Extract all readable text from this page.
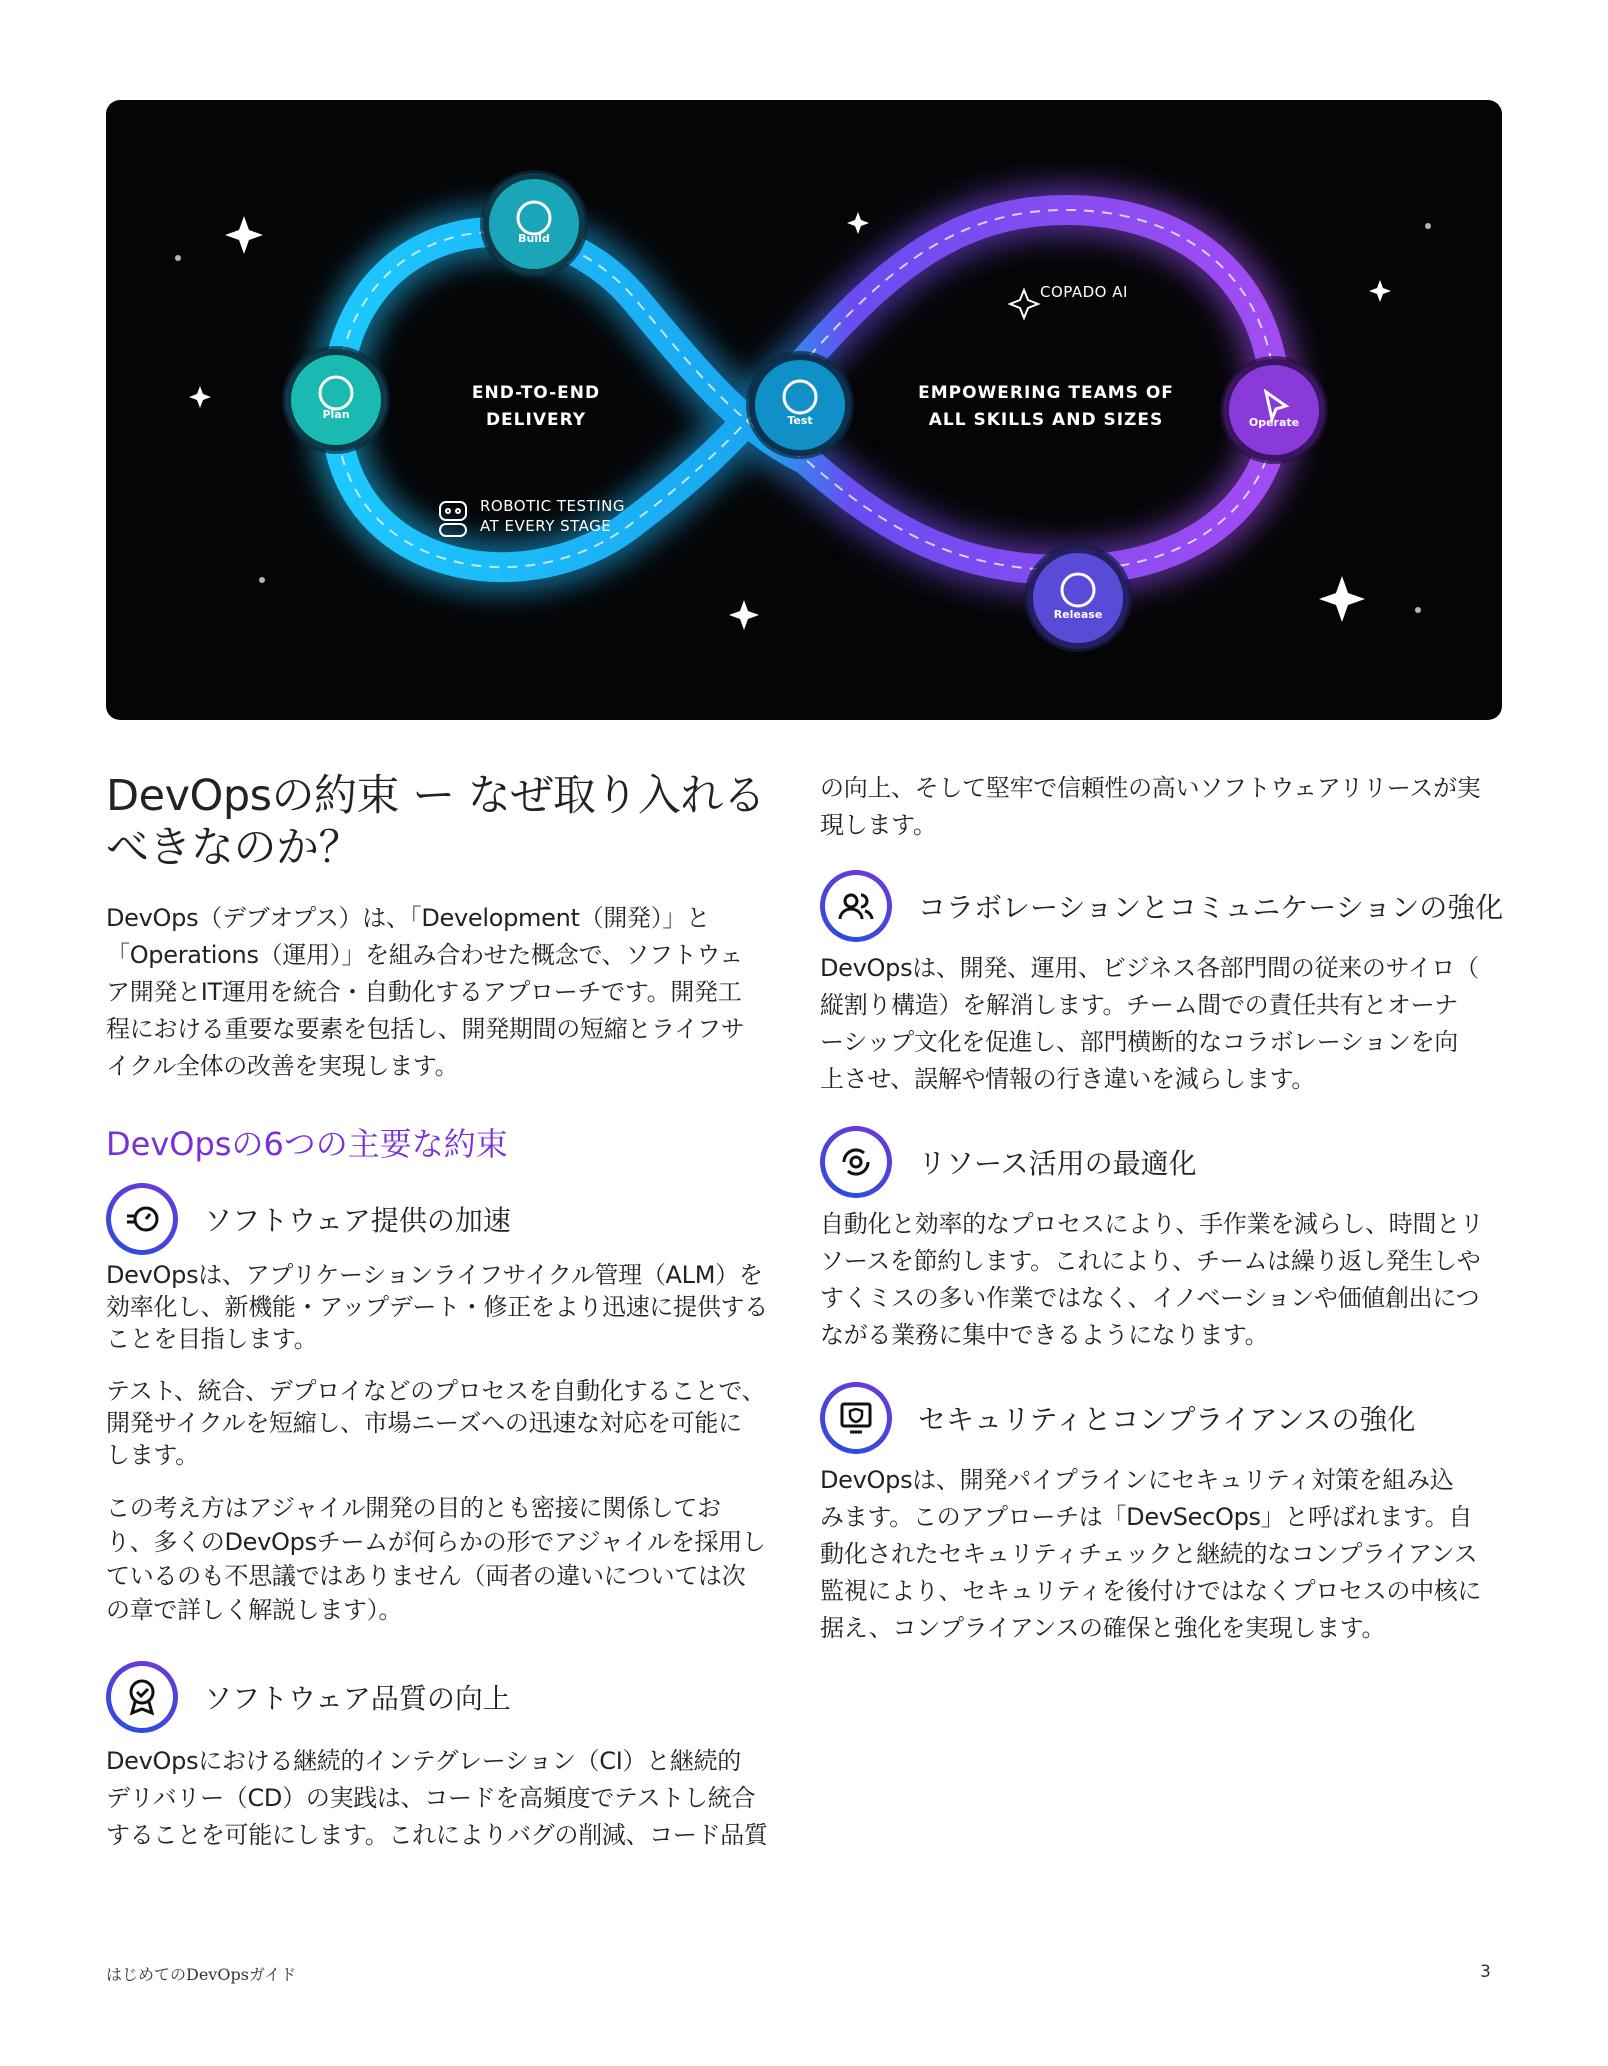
Build
Plan	Test	Operate
Release
END-TO-END
DELIVERY
EMPOWERING TEAMS OF
ALL SKILLS AND SIZES
COPADO AI
ROBOTIC TESTING
AT EVERY STAGE
DevOpsの約束 ー なぜ取り入れる
べきなのか？

DevOps（デブオプス）は、「Development（開発）」と
「Operations（運用）」を組み合わせた概念で、ソフトウェ
ア開発とIT運用を統合・自動化するアプローチです。開発工
程における重要な要素を包括し、開発期間の短縮とライフサ
イクル全体の改善を実現します。

DevOpsの6つの主要な約束
ソフトウェア提供の加速

DevOpsは、アプリケーションライフサイクル管理（ALM）を
効率化し、新機能・アップデート・修正をより迅速に提供する
ことを目指します。

テスト、統合、デプロイなどのプロセスを自動化することで、
開発サイクルを短縮し、市場ニーズへの迅速な対応を可能に
します。

この考え方はアジャイル開発の目的とも密接に関係してお
り、多くのDevOpsチームが何らかの形でアジャイルを採用し
ているのも不思議ではありません（両者の違いについては次
の章で詳しく解説します）。

ソフトウェア品質の向上

DevOpsにおける継続的インテグレーション（CI）と継続的
デリバリー（CD）の実践は、コードを高頻度でテストし統合
することを可能にします。これによりバグの削減、コード品質

の向上、そして堅牢で信頼性の高いソフトウェアリリースが実
現します。

コラボレーションとコミュニケーションの強化

DevOpsは、開発、運用、ビジネス各部門間の従来のサイロ（
縦割り構造）を解消します。チーム間での責任共有とオーナ
ーシップ文化を促進し、部門横断的なコラボレーションを向
上させ、誤解や情報の行き違いを減らします。

リソース活用の最適化

自動化と効率的なプロセスにより、手作業を減らし、時間とリ
ソースを節約します。これにより、チームは繰り返し発生しや
すくミスの多い作業ではなく、イノベーションや価値創出につ
ながる業務に集中できるようになります。

セキュリティとコンプライアンスの強化

DevOpsは、開発パイプラインにセキュリティ対策を組み込
みます。このアプローチは「DevSecOps」と呼ばれます。自
動化されたセキュリティチェックと継続的なコンプライアンス
監視により、セキュリティを後付けではなくプロセスの中核に
据え、コンプライアンスの確保と強化を実現します。

はじめてのDevOpsガイド	3
